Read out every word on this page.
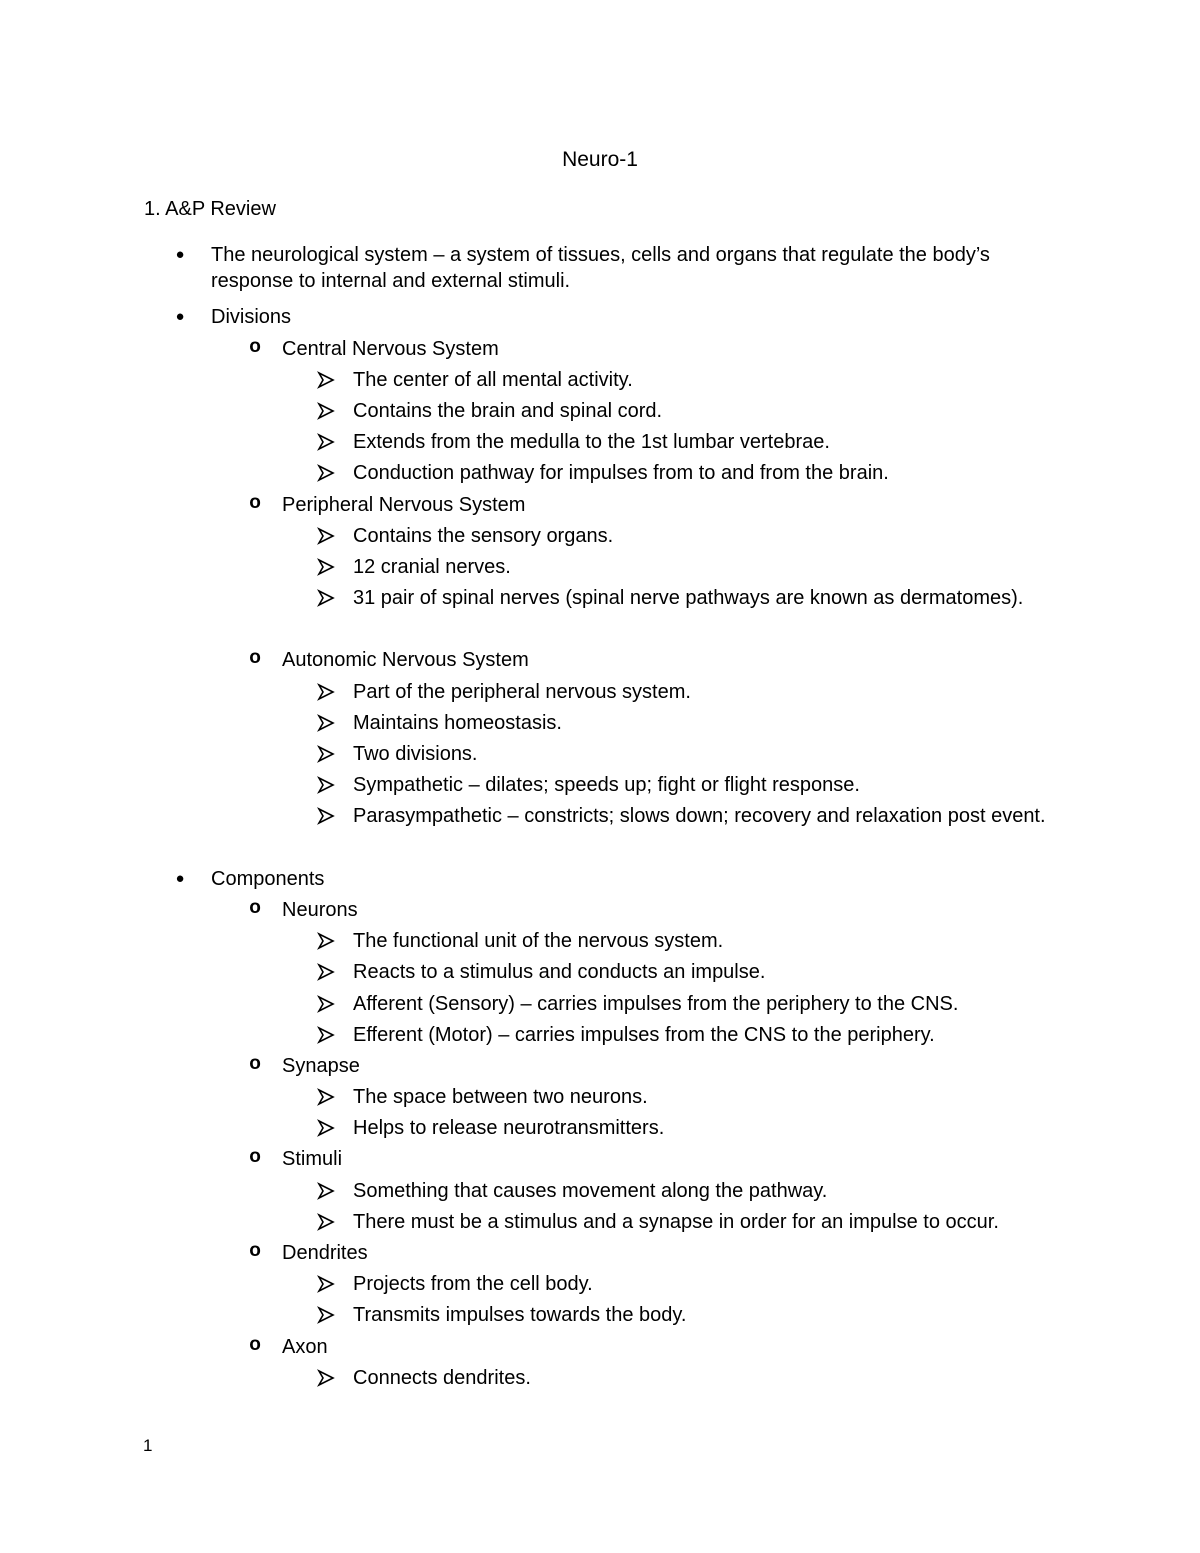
Neuro-1
1. A&P Review
● The neurological system – a system of tissues, cells and organs that regulate the body’s response to internal and external stimuli.
● Divisions
o Central Nervous System
The center of all mental activity.
Contains the brain and spinal cord.
Extends from the medulla to the 1st lumbar vertebrae.
Conduction pathway for impulses from to and from the brain.
o Peripheral Nervous System
Contains the sensory organs.
12 cranial nerves.
31 pair of spinal nerves (spinal nerve pathways are known as dermatomes).
o Autonomic Nervous System
Part of the peripheral nervous system.
Maintains homeostasis.
Two divisions.
Sympathetic – dilates; speeds up; fight or flight response.
Parasympathetic – constricts; slows down; recovery and relaxation post event.
● Components
o Neurons
The functional unit of the nervous system.
Reacts to a stimulus and conducts an impulse.
Afferent (Sensory) – carries impulses from the periphery to the CNS.
Efferent (Motor) – carries impulses from the CNS to the periphery.
o Synapse
The space between two neurons.
Helps to release neurotransmitters.
o Stimuli
Something that causes movement along the pathway.
There must be a stimulus and a synapse in order for an impulse to occur.
o Dendrites
Projects from the cell body.
Transmits impulses towards the body.
o Axon
Connects dendrites.
1
